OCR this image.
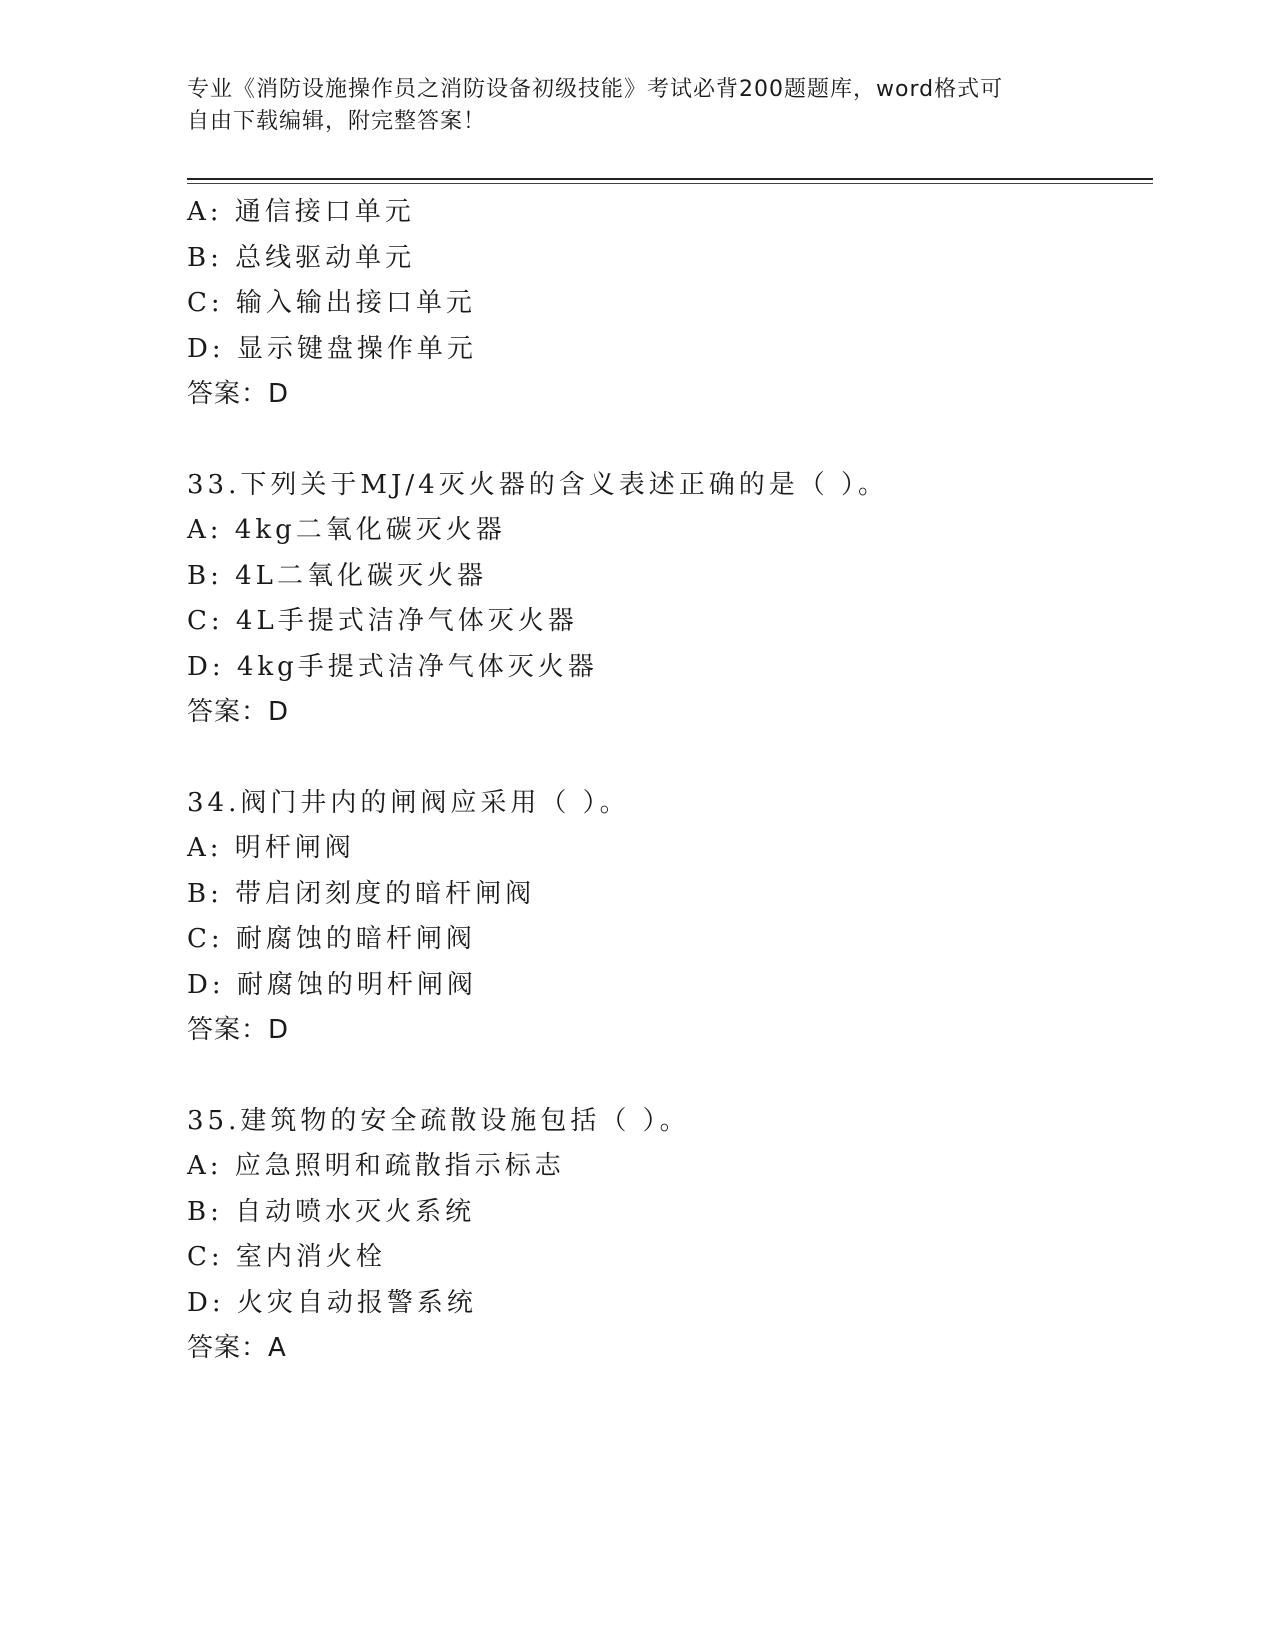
专业《消防设施操作员之消防设备初级技能》考试必背200题题库，word格式可
自由下载编辑，附完整答案！
A: 通信接口单元
B: 总线驱动单元
C: 输入输出接口单元
D: 显示键盘操作单元
答案：D
33.下列关于MJ/4灭火器的含义表述正确的是（ ）。
A: 4kg二氧化碳灭火器
B: 4L二氧化碳灭火器
C: 4L手提式洁净气体灭火器
D: 4kg手提式洁净气体灭火器
答案：D
34.阀门井内的闸阀应采用（ ）。
A: 明杆闸阀
B: 带启闭刻度的暗杆闸阀
C: 耐腐蚀的暗杆闸阀
D: 耐腐蚀的明杆闸阀
答案：D
35.建筑物的安全疏散设施包括（ ）。
A: 应急照明和疏散指示标志
B: 自动喷水灭火系统
C: 室内消火栓
D: 火灾自动报警系统
答案：A
